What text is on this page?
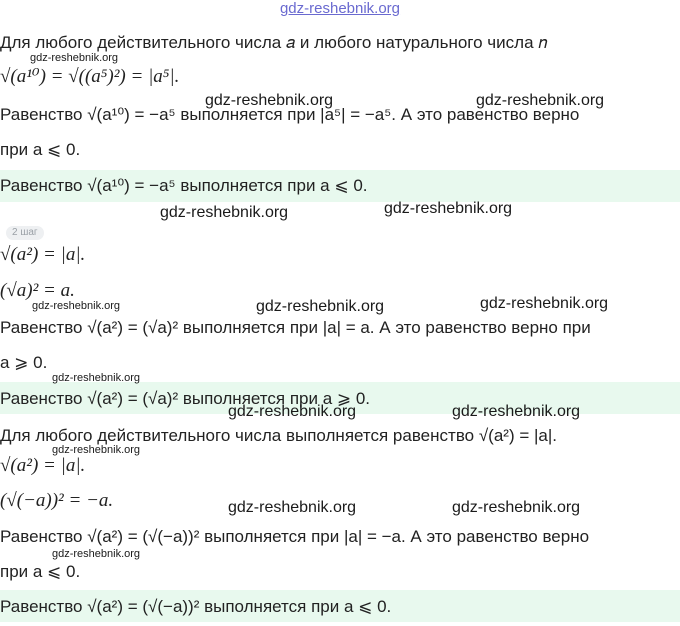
gdz-reshebnik.org
2 шаг
Для любого действительного числа 𝑎 и любого натурального числа 𝑛
√(a¹⁰) = √((a⁵)²) = |a⁵|.
Равенство √(a¹⁰) = −a⁵ выполняется при |a⁵| = −a⁵. А это равенство верно
при a ⩽ 0.
Равенство √(a¹⁰) = −a⁵ выполняется при a ⩽ 0.
√(a²) = |a|.
(√a)² = a.
Равенство √(a²) = (√a)² выполняется при |a| = a. А это равенство верно при
a ⩾ 0.
Равенство √(a²) = (√a)² выполняется при a ⩾ 0.
Для любого действительного числа выполняется равенство √(a²) = |a|.
√(a²) = |a|.
(√(−a))² = −a.
Равенство √(a²) = (√(−a))² выполняется при |a| = −a. А это равенство верно
при a ⩽ 0.
Равенство √(a²) = (√(−a))² выполняется при a ⩽ 0.
gdz-reshebnik.org
gdz-reshebnik.org	gdz-reshebnik.org
gdz-reshebnik.org	gdz-reshebnik.org
gdz-reshebnik.org	gdz-reshebnik.org
gdz-reshebnik.org
gdz-reshebnik.org
gdz-reshebnik.org	gdz-reshebnik.org
gdz-reshebnik.org
gdz-reshebnik.org	gdz-reshebnik.org
gdz-reshebnik.org
